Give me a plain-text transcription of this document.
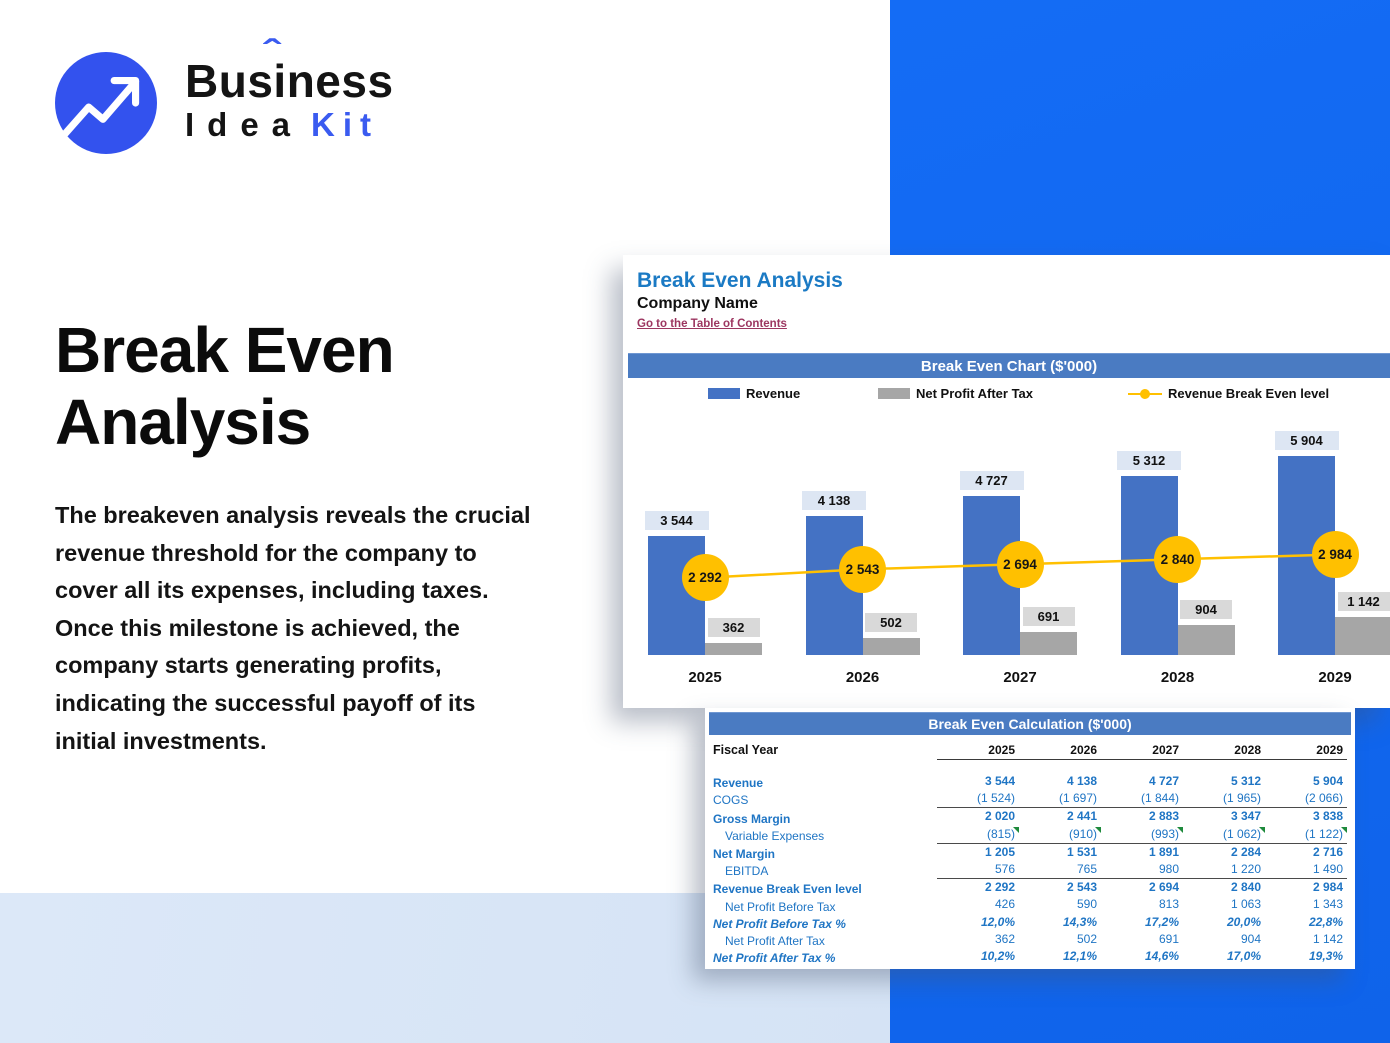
Busi
ˆ
ness
Idea Kit
Break Even
Analysis
The breakeven analysis reveals the crucial revenue threshold for the company to cover all its expenses, including taxes. Once this milestone is achieved, the company starts generating profits, indicating the successful payoff of its initial investments.
Break Even Analysis
Company Name
Go to the Table of Contents
Break Even Chart ($'000)
Revenue	Net Profit After Tax	Revenue Break Even level
3 544
362
2025
4 138
502
2026
4 727
691
2027
5 312
904
2028
5 904
1 142
2029
2 292
2 543	2 694	2 840	2 984
Break Even Calculation ($'000)
Fiscal Year	2025	2026	2027	2028	2029
Revenue	3 544	4 138	4 727	5 312	5 904
COGS	(1 524)	(1 697)	(1 844)	(1 965)	(2 066)
Gross Margin	2 020	2 441	2 883	3 347	3 838
Variable Expenses	(815)	(910)	(993)	(1 062)	(1 122)
Net Margin	1 205	1 531	1 891	2 284	2 716
EBITDA	576	765	980	1 220	1 490
Revenue Break Even level	2 292	2 543	2 694	2 840	2 984
Net Profit Before Tax	426	590	813	1 063	1 343
Net Profit Before Tax %	12,0%	14,3%	17,2%	20,0%	22,8%
Net Profit After Tax	362	502	691	904	1 142
Net Profit After Tax %	10,2%	12,1%	14,6%	17,0%	19,3%
